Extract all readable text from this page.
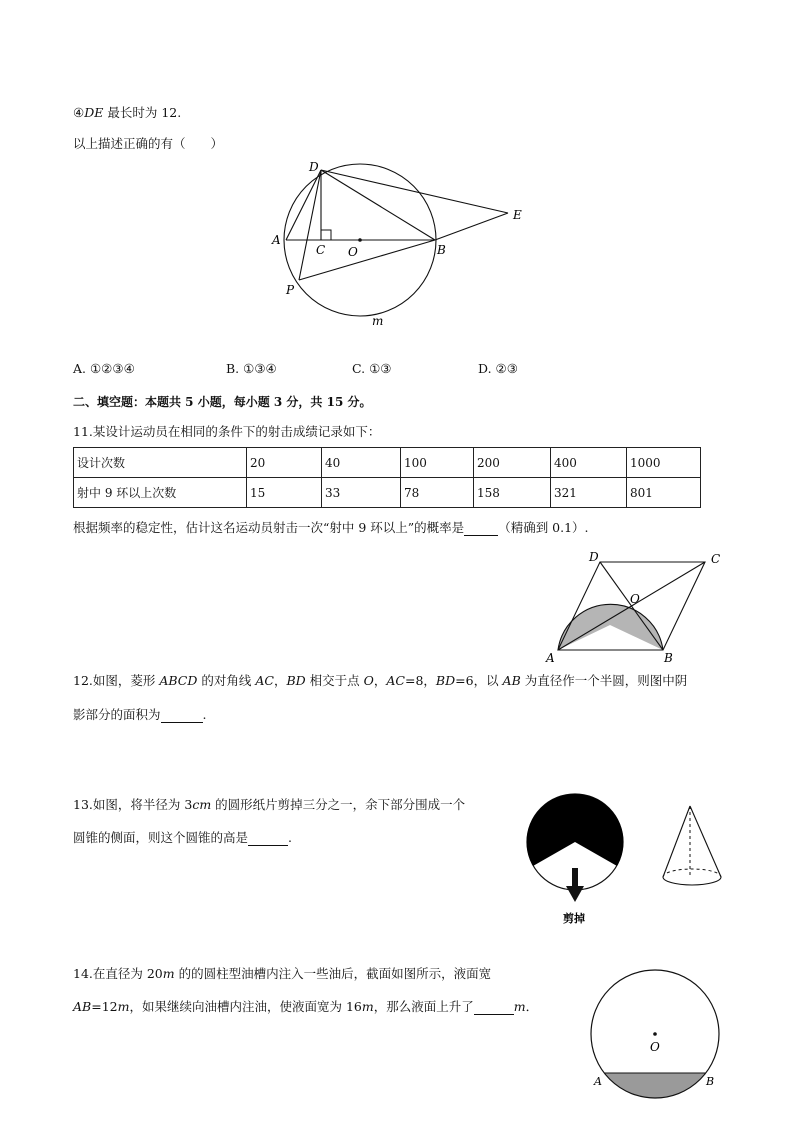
④DE 最长时为 12.
以上描述正确的有（　　）
D
E
A
C O	B
P
m
A. ①②③④	B. ①③④	C. ①③	D. ②③
二、填空题：本题共 5 小题，每小题 3 分，共 15 分。
11.某设计运动员在相同的条件下的射击成绩记录如下：
设计次数	20	40	100	200	400	1000
射中 9 环以上次数	15	33	78	158	321	801
根据频率的稳定性，估计这名运动员射击一次“射中 9 环以上”的概率是	（精确到 0.1）.
D	C
O
A	B
12.如图，菱形 ABCD 的对角线 AC，BD 相交于点 O，AC=8，BD=6，以 AB 为直径作一个半圆，则图中阴
影部分的面积为	.
13.如图，将半径为 3cm 的圆形纸片剪掉三分之一，余下部分围成一个
圆锥的侧面，则这个圆锥的高是	.
剪掉
14.在直径为 20m 的的圆柱型油槽内注入一些油后，截面如图所示，液面宽
AB=12m，如果继续向油槽内注油，使液面宽为 16m，那么液面上升了	m．
O
A	B
